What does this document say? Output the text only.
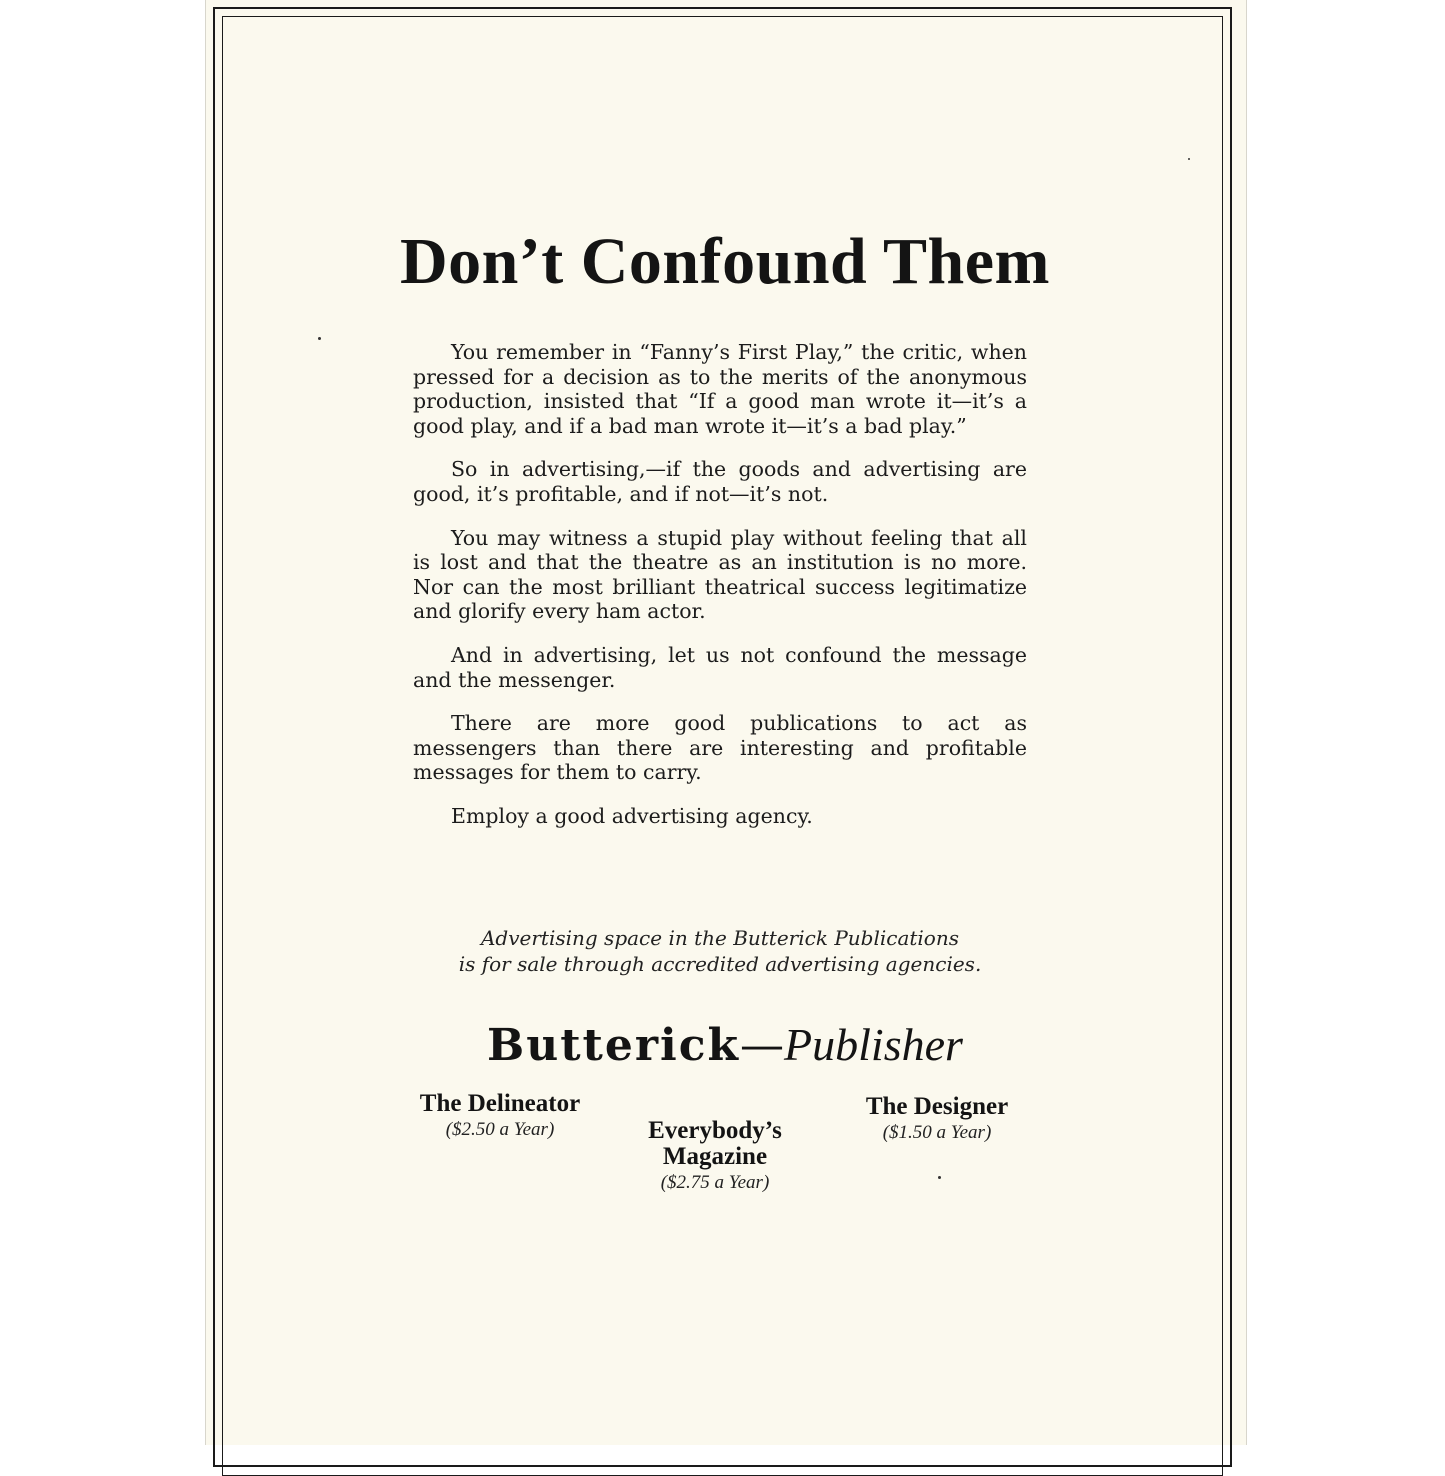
Don’t Confound Them

You remember in “Fanny’s First Play,” the critic, when pressed for a decision as to the merits of the anonymous production, insisted that “If a good man wrote it—it’s a good play, and if a bad man wrote it—it’s a bad play.”

So in advertising,—if the goods and advertising are good, it’s profitable, and if not—it’s not.

You may witness a stupid play without feeling that all is lost and that the theatre as an institution is no more. Nor can the most brilliant theatrical success legitimatize and glorify every ham actor.

And in advertising, let us not confound the message and the messenger.

There are more good publications to act as messengers than there are interesting and profitable messages for them to carry.

Employ a good advertising agency.

Advertising space in the Butterick Publications
is for sale through accredited advertising agencies.
Butterick—Publisher
The Delineator
($2.50 a Year)	Everybody’s
Magazine
($2.75 a Year)
The Designer
($1.50 a Year)
